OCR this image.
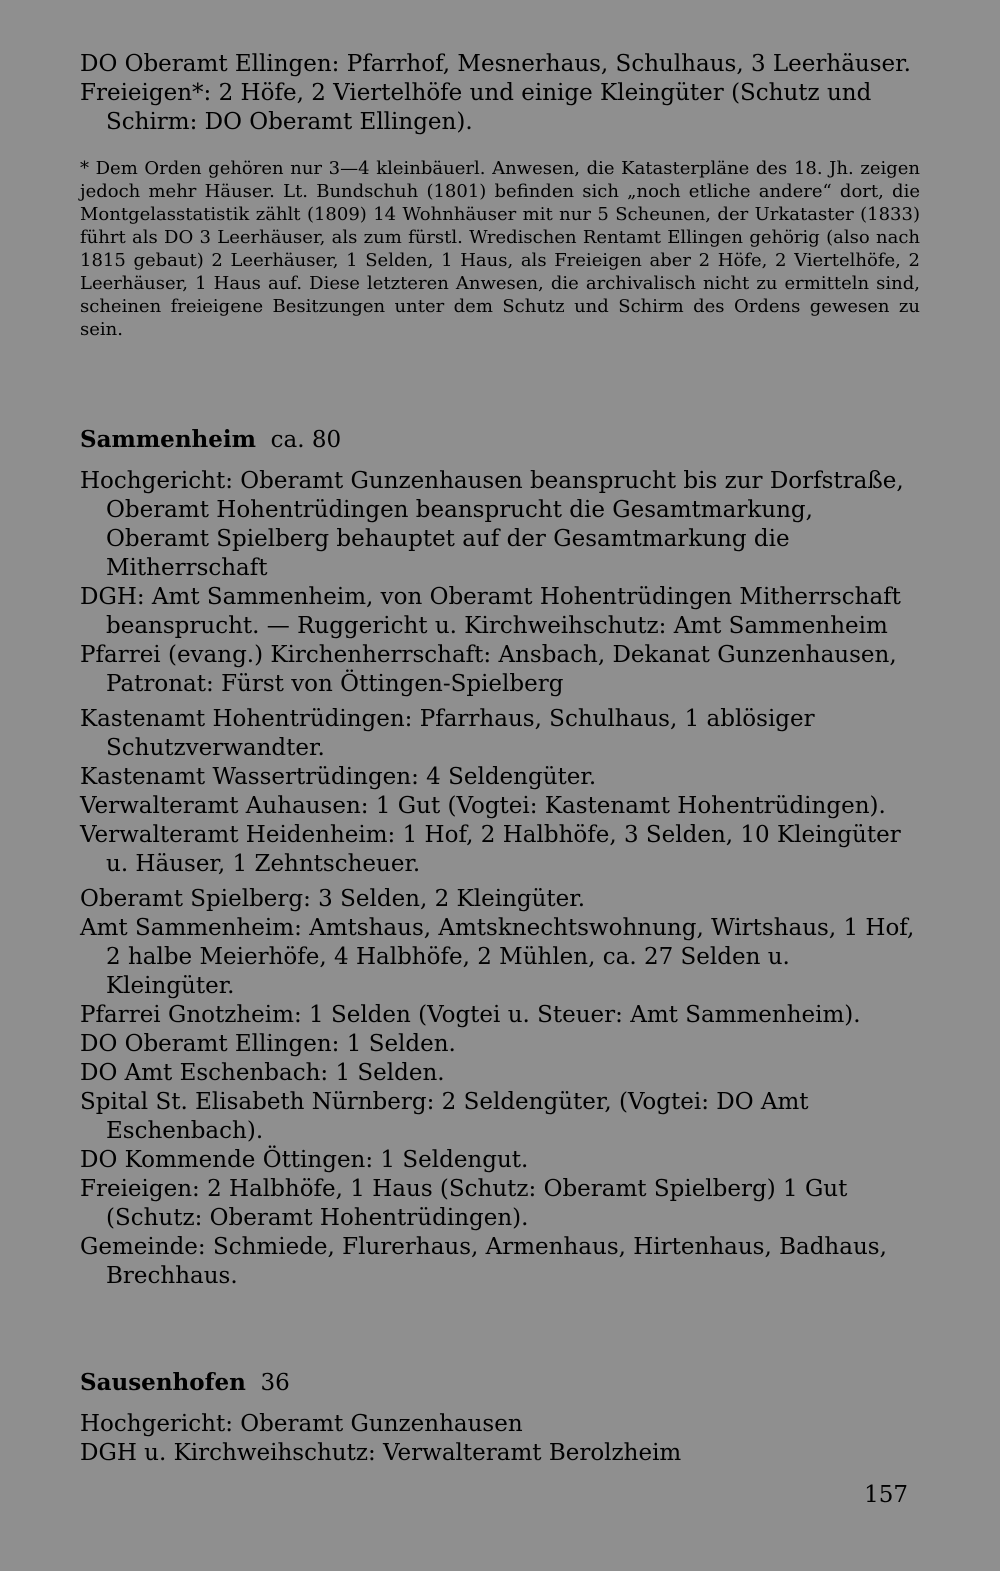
DO Oberamt Ellingen: Pfarrhof, Mesnerhaus, Schulhaus, 3 Leerhäuser.

Freieigen*: 2 Höfe, 2 Viertelhöfe und einige Kleingüter (Schutz und Schirm: DO Oberamt Ellingen).

* Dem Orden gehören nur 3—4 kleinbäuerl. Anwesen, die Katasterpläne des 18. Jh. zeigen jedoch mehr Häuser. Lt. Bundschuh (1801) befinden sich „noch etliche andere“ dort, die Montgelasstatistik zählt (1809) 14 Wohnhäuser mit nur 5 Scheunen, der Urkataster (1833) führt als DO 3 Leerhäuser, als zum fürstl. Wredischen Rentamt Ellingen gehörig (also nach 1815 gebaut) 2 Leerhäuser, 1 Selden, 1 Haus, als Freieigen aber 2 Höfe, 2 Viertelhöfe, 2 Leerhäuser, 1 Haus auf. Diese letzteren Anwesen, die archivalisch nicht zu ermitteln sind, scheinen freieigene Besitzungen unter dem Schutz und Schirm des Ordens gewesen zu sein.

Sammenheim ca. 80

Hochgericht: Oberamt Gunzenhausen beansprucht bis zur Dorfstraße, Oberamt Hohentrüdingen beansprucht die Gesamtmarkung, Oberamt Spielberg behauptet auf der Gesamtmarkung die Mitherrschaft

DGH: Amt Sammenheim, von Oberamt Hohentrüdingen Mitherrschaft beansprucht. — Ruggericht u. Kirchweihschutz: Amt Sammenheim

Pfarrei (evang.) Kirchenherrschaft: Ansbach, Dekanat Gunzenhausen, Patronat: Fürst von Öttingen-Spielberg

Kastenamt Hohentrüdingen: Pfarrhaus, Schulhaus, 1 ablösiger Schutzverwandter.

Kastenamt Wassertrüdingen: 4 Seldengüter.

Verwalteramt Auhausen: 1 Gut (Vogtei: Kastenamt Hohentrüdingen).

Verwalteramt Heidenheim: 1 Hof, 2 Halbhöfe, 3 Selden, 10 Kleingüter u. Häuser, 1 Zehntscheuer.

Oberamt Spielberg: 3 Selden, 2 Kleingüter.

Amt Sammenheim: Amtshaus, Amtsknechtswohnung, Wirtshaus, 1 Hof, 2 halbe Meierhöfe, 4 Halbhöfe, 2 Mühlen, ca. 27 Selden u. Kleingüter.

Pfarrei Gnotzheim: 1 Selden (Vogtei u. Steuer: Amt Sammenheim).

DO Oberamt Ellingen: 1 Selden.

DO Amt Eschenbach: 1 Selden.

Spital St. Elisabeth Nürnberg: 2 Seldengüter, (Vogtei: DO Amt Eschenbach).

DO Kommende Öttingen: 1 Seldengut.

Freieigen: 2 Halbhöfe, 1 Haus (Schutz: Oberamt Spielberg) 1 Gut (Schutz: Oberamt Hohentrüdingen).

Gemeinde: Schmiede, Flurerhaus, Armenhaus, Hirtenhaus, Badhaus, Brechhaus.

Sausenhofen 36

Hochgericht: Oberamt Gunzenhausen

DGH u. Kirchweihschutz: Verwalteramt Berolzheim

157
